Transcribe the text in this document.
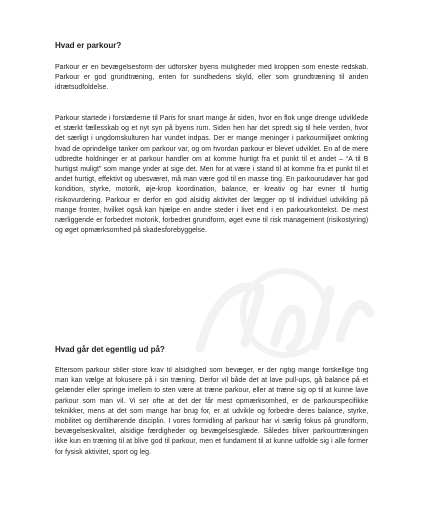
Hvad er parkour?

Parkour er en bevægelsesform der udforsker byens muligheder med kroppen som eneste redskab. Parkour er god grundtræning, enten for sundhedens skyld, eller som grundtræning til anden idrætsudfoldelse.

Parkour startede i forstæderne til Paris for snart mange år siden, hvor en flok unge drenge udviklede et stærkt fællesskab og et nyt syn på byens rum. Siden hen har det spredt sig til hele verden, hvor det særligt i ungdomskulturen har vundet indpas. Der er mange meninger i parkourmiljøet omkring hvad de oprindelige tanker om parkour var, og om hvordan parkour er blevet udviklet. En af de mere udbredte holdninger er at parkour handler om at komme hurtigt fra et punkt til et andet – “A til B hurtigst muligt” som mange ynder at sige det. Men for at være i stand til at komme fra et punkt til et andet hurtigt, effektivt og ubesværet, må man være god til en masse ting. En parkourudøver har god kondition, styrke, motorik, øje-krop koordination, balance, er kreativ og har evner til hurtig risikovurdering. Parkour er derfor en god alsidig aktivitet der lægger op til individuel udvikling på mange fronter, hvilket også kan hjælpe en andre steder i livet end i en parkourkontekst. De mest nærliggende er forbedret motorik, forbedret grundform, øget evne til risk management (risikostyring) og øget opmærksomhed på skadesforebyggelse.

Hvad går det egentlig ud på?

Eftersom parkour stiller store krav til alsidighed som bevæger, er der rigtig mange forskellige ting man kan vælge at fokusere på i sin træning. Derfor vil både det at lave pull-ups, gå balance på et gelænder eller springe imellem to sten være at træne parkour, eller at træne sig op til at kunne lave parkour som man vil. Vi ser ofte at det der får mest opmærksomhed, er de parkourspecifikke teknikker, mens at det som mange har brug for, er at udvikle og forbedre deres balance, styrke, mobilitet og dertilhørende disciplin. I vores formidling af parkour har vi særlig fokus på grundform, bevægelseskvalitet, alsidige færdigheder og bevægelsesglæde. Således bliver parkourtræningen ikke kun en træning til at blive god til parkour, men et fundament til at kunne udfolde sig i alle former for fysisk aktivitet, sport og leg.
